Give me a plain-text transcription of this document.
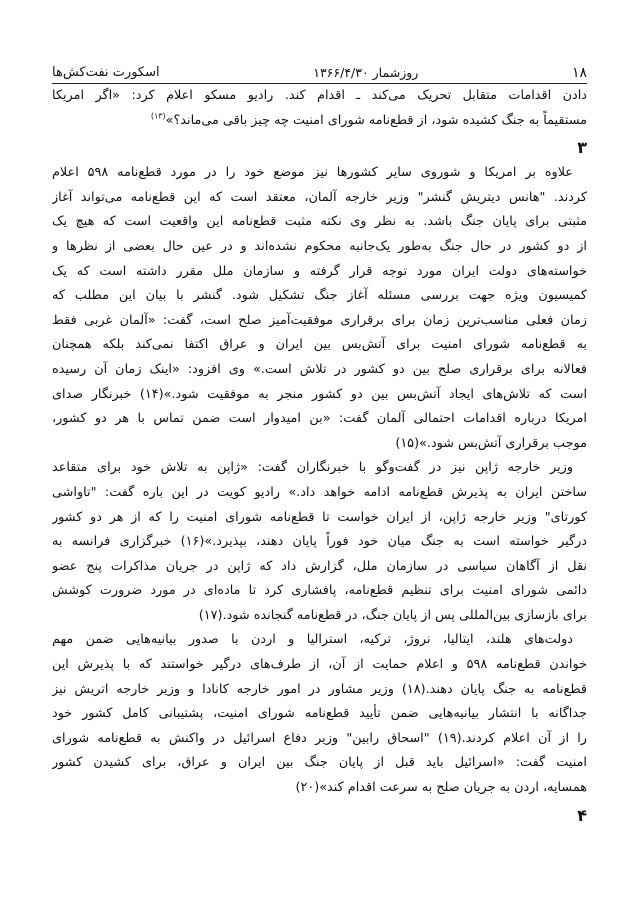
۱۸
روزشمار ۱۳۶۶/۴/۳۰
اسکورت نفت‌کش‌ها
دادن اقدامات متقابل تحریک می‌کند ـ اقدام کند. رادیو مسکو اعلام کرد: «اگر امریکا
مستقیماً به جنگ کشیده شود، از قطع‌نامه شورای امنیت چه چیز باقی می‌ماند؟»$^{(۱۳)}$
۳
علاوه بر امریکا و شوروی سایر کشورها نیز موضع خود را در مورد قطع‌نامه ۵۹۸ اعلام
کردند. "هانس دیتریش گنشر" وزیر خارجه آلمان، معتقد است که این قطع‌نامه می‌تواند آغاز
مثبتی برای پایان جنگ باشد. به نظر وی نکته مثبت قطع‌نامه این واقعیت است که هیچ یک
از دو کشور در حال جنگ به‌طور یک‌جانبه محکوم نشده‌اند و در عین حال بعضی از نظرها و
خواسته‌های دولت ایران مورد توجه قرار گرفته و سازمان ملل مقرر داشته است که یک
کمیسیون ویژه جهت بررسی مسئله آغاز جنگ تشکیل شود. گنشر با بیان این مطلب که
زمان فعلی مناسب‌ترین زمان برای برقراری موفقیت‌آمیز صلح است، گفت: «آلمان غربی فقط
به قطع‌نامه شورای امنیت برای آتش‌بس بین ایران و عراق اکتفا نمی‌کند بلکه همچنان
فعالانه برای برقراری صلح بین دو کشور در تلاش است.» وی افزود: «اینک زمان آن رسیده
است که تلاش‌های ایجاد آتش‌بس بین دو کشور منجر به موفقیت شود.»(۱۴) خبرنگار صدای
امریکا درباره اقدامات احتمالی آلمان گفت: «بن امیدوار است ضمن تماس با هر دو کشور،
موجب برقراری آتش‌بس شود.»(۱۵)
وزیر خارجه ژاپن نیز در گفت‌وگو با خبرنگاران گفت: «ژاپن به تلاش خود برای متقاعد
ساختن ایران به پذیرش قطع‌نامه ادامه خواهد داد.» رادیو کویت در این باره گفت: "تاواشی
کورتای" وزیر خارجه ژاپن، از ایران خواست تا قطع‌نامه شورای امنیت را که از هر دو کشور
درگیر خواسته است به جنگ میان خود فوراً پایان دهند، بپذیرد.»(۱۶) خبرگزاری فرانسه به
نقل از آگاهان سیاسی در سازمان ملل، گزارش داد که ژاپن در جریان مذاکرات پنج عضو
دائمی شورای امنیت برای تنظیم قطع‌نامه، پافشاری کرد تا ماده‌ای در مورد ضرورت کوشش
برای بازسازی بین‌المللی پس از پایان جنگ، در قطع‌نامه گنجانده شود.(۱۷)
دولت‌های هلند، ایتالیا، نروژ، ترکیه، استرالیا و اردن با صدور بیانیه‌هایی ضمن مهم
خواندن قطع‌نامه ۵۹۸ و اعلام حمایت از آن، از طرف‌های درگیر خواستند که با پذیرش این
قطع‌نامه به جنگ پایان دهند.(۱۸) وزیر مشاور در امور خارجه کانادا و وزیر خارجه اتریش نیز
جداگانه با انتشار بیانیه‌هایی ضمن تأیید قطع‌نامه شورای امنیت، پشتیبانی کامل کشور خود
را از آن اعلام کردند.(۱۹) "اسحاق رابین" وزیر دفاع اسرائیل در واکنش به قطع‌نامه شورای
امنیت گفت: «اسرائیل باید قبل از پایان جنگ بین ایران و عراق، برای کشیدن کشور
همسایه، اردن به جریان صلح به سرعت اقدام کند»(۲۰)
۴
